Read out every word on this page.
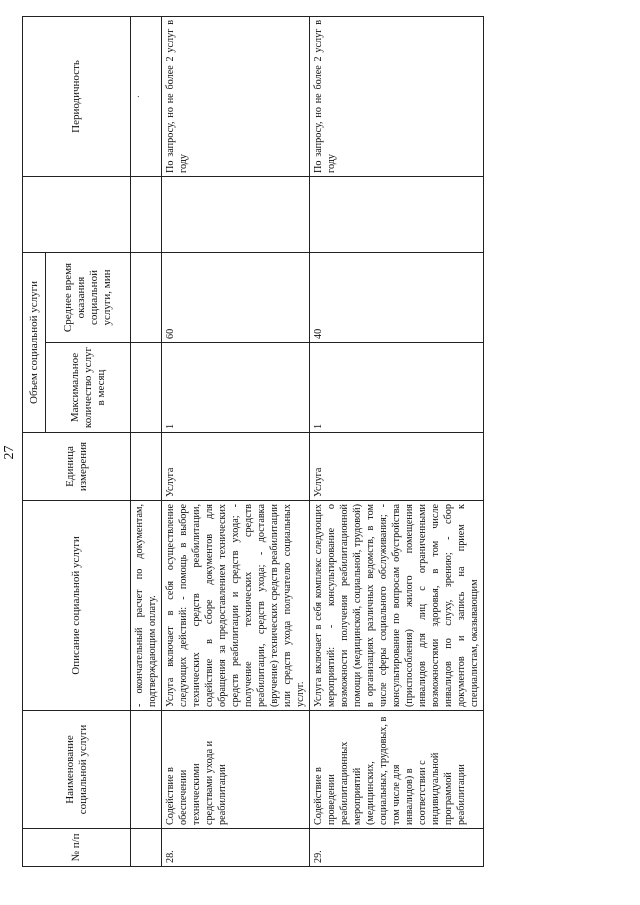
27
№ п/п	Наименование социальной услуги	Описание социальной услуги	Единица измерения	Объем социальной услуги			Периодичность
				Максимальное количество услуг в месяц	Среднее время оказания социальной услуги, мин		
		- окончательный расчет по документам, подтверждающим оплату.					·
28.	Содействие в обеспечении техническими средствами ухода и реабилитации	Услуга включает в себя осуществление следующих действий: - помощь в выборе технических средств реабилитации, содействие в сборе документов для обращения за предоставлением технических средств реабилитации и средств ухода; - получение технических средств реабилитации, средств ухода; - доставка (вручение) технических средств реабилитации или средств ухода получателю социальных услуг.	Услуга	1	60		По запросу, но не более 2 услуг в году
29.	Содействие в проведении реабилитационных мероприятий (медицинских, социальных, трудовых, в том числе для инвалидов) в соответствии с индивидуальной программой реабилитации	Услуга включает в себя комплекс следующих мероприятий: - консультирование о возможности получения реабилитационной помощи (медицинской, социальной, трудовой) в организациях различных ведомств, в том числе сферы социального обслуживания; - консультирование по вопросам обустройства (приспособления) жилого помещения инвалидов для лиц с ограниченными возможностями здоровья, в том числе инвалидов по слуху, зрению; - сбор документов и запись на прием к специалистам, оказывающим	Услуга	1	40		По запросу, но не более 2 услуг в году
